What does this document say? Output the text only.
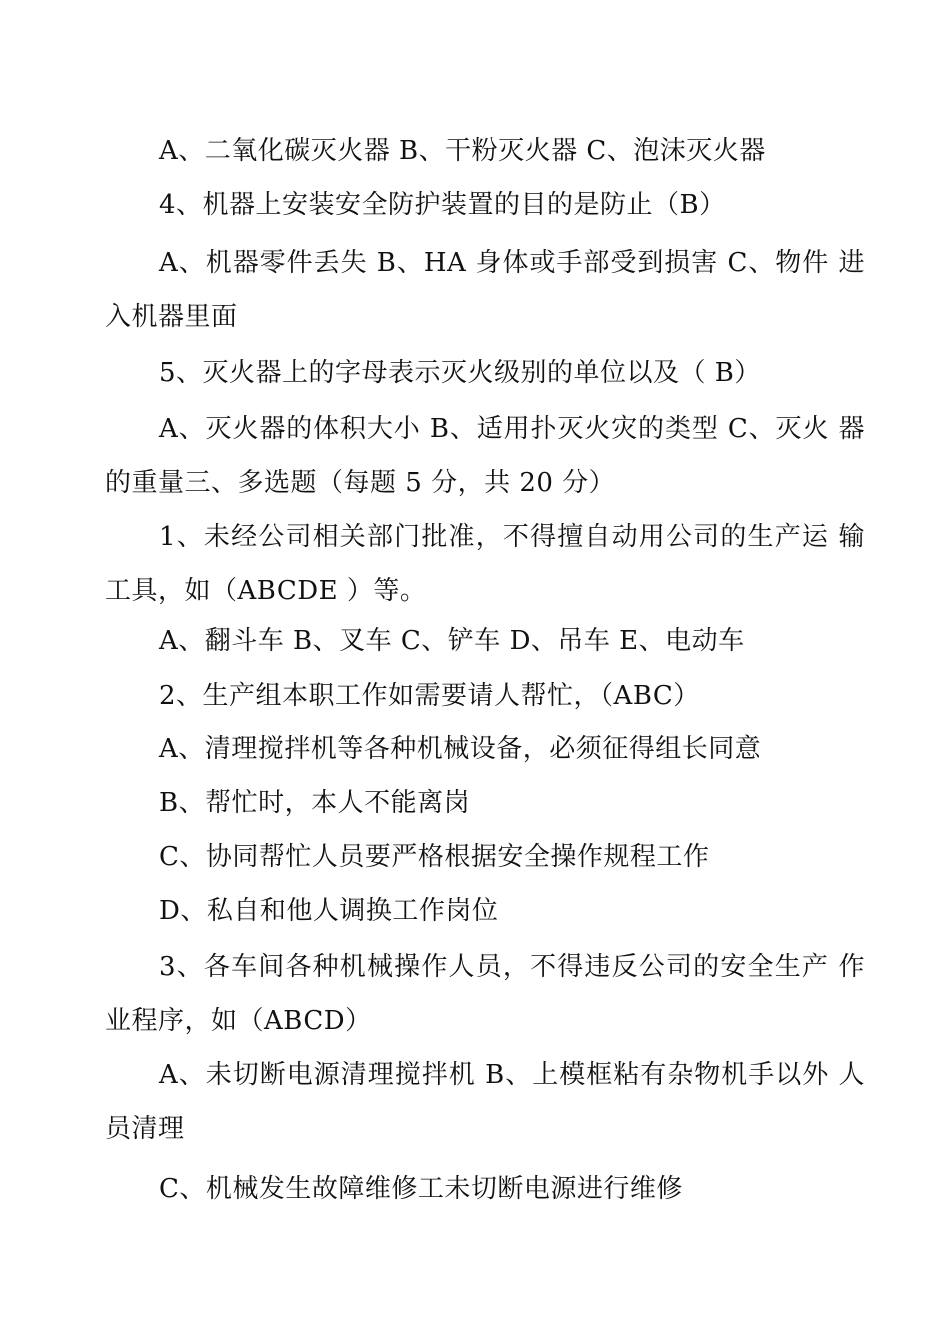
A、二氧化碳灭火器 B、干粉灭火器 C、泡沫灭火器

4、机器上安装安全防护装置的目的是防止（B）

A、机器零件丢失 B、HA 身体或手部受到损害 C、物件 进入机器里面

5、灭火器上的字母表示灭火级别的单位以及（ B）

A、灭火器的体积大小 B、适用扑灭火灾的类型 C、灭火 器的重量三、多选题（每题 5 分，共 20 分）

1、未经公司相关部门批准，不得擅自动用公司的生产运 输工具，如（ABCDE ）等。

A、翻斗车 B、叉车 C、铲车 D、吊车 E、电动车

2、生产组本职工作如需要请人帮忙，（ABC）

A、清理搅拌机等各种机械设备，必须征得组长同意

B、帮忙时，本人不能离岗

C、协同帮忙人员要严格根据安全操作规程工作

D、私自和他人调换工作岗位

3、各车间各种机械操作人员，不得违反公司的安全生产 作业程序，如（ABCD）

A、未切断电源清理搅拌机 B、上模框粘有杂物机手以外 人员清理

C、机械发生故障维修工未切断电源进行维修
